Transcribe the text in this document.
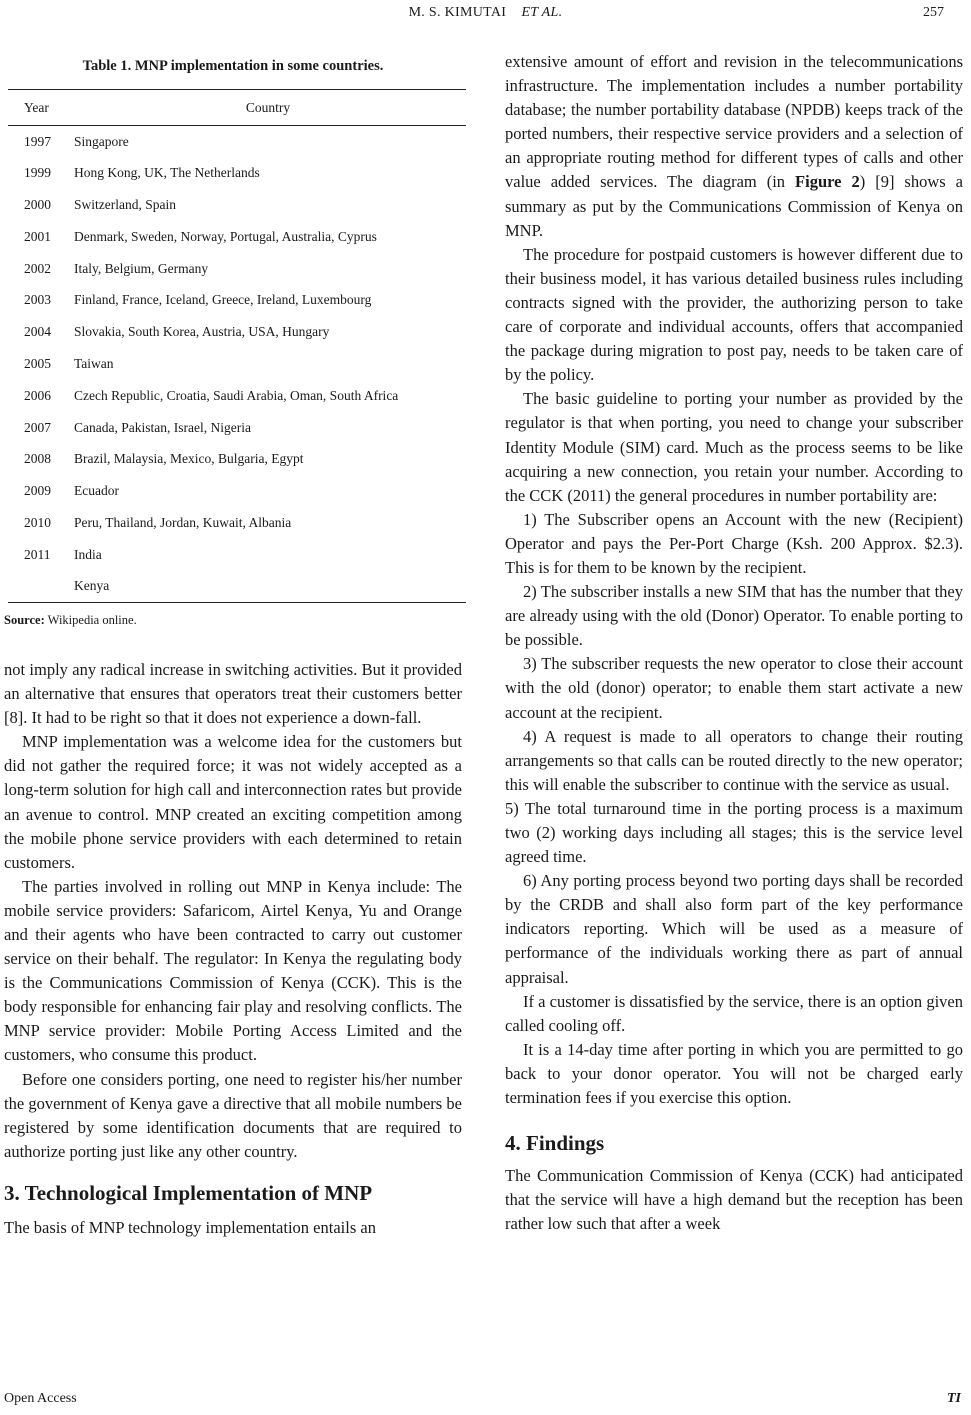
M. S. KIMUTAI ET AL.	257
Table 1. MNP implementation in some countries.
Year	Country
1997	Singapore
1999	Hong Kong, UK, The Netherlands
2000	Switzerland, Spain
2001	Denmark, Sweden, Norway, Portugal, Australia, Cyprus
2002	Italy, Belgium, Germany
2003	Finland, France, Iceland, Greece, Ireland, Luxembourg
2004	Slovakia, South Korea, Austria, USA, Hungary
2005	Taiwan
2006	Czech Republic, Croatia, Saudi Arabia, Oman, South Africa
2007	Canada, Pakistan, Israel, Nigeria
2008	Brazil, Malaysia, Mexico, Bulgaria, Egypt
2009	Ecuador
2010	Peru, Thailand, Jordan, Kuwait, Albania
2011	India
	Kenya
Source: Wikipedia online.

not imply any radical increase in switching activities. But it provided an alternative that ensures that operators treat their customers better [8]. It had to be right so that it does not experience a down-fall.

MNP implementation was a welcome idea for the customers but did not gather the required force; it was not widely accepted as a long-term solution for high call and interconnection rates but provide an avenue to control. MNP created an exciting competition among the mobile phone service providers with each determined to retain customers.

The parties involved in rolling out MNP in Kenya include: The mobile service providers: Safaricom, Airtel Kenya, Yu and Orange and their agents who have been contracted to carry out customer service on their behalf. The regulator: In Kenya the regulating body is the Communications Commission of Kenya (CCK). This is the body responsible for enhancing fair play and resolving conflicts. The MNP service provider: Mobile Porting Access Limited and the customers, who consume this product.

Before one considers porting, one need to register his/her number the government of Kenya gave a directive that all mobile numbers be registered by some identification documents that are required to authorize porting just like any other country.

3. Technological Implementation of MNP

The basis of MNP technology implementation entails an

extensive amount of effort and revision in the telecommunications infrastructure. The implementation includes a number portability database; the number portability database (NPDB) keeps track of the ported numbers, their respective service providers and a selection of an appropriate routing method for different types of calls and other value added services. The diagram (in Figure 2) [9] shows a summary as put by the Communications Commission of Kenya on MNP.

The procedure for postpaid customers is however different due to their business model, it has various detailed business rules including contracts signed with the provider, the authorizing person to take care of corporate and individual accounts, offers that accompanied the package during migration to post pay, needs to be taken care of by the policy.

The basic guideline to porting your number as provided by the regulator is that when porting, you need to change your subscriber Identity Module (SIM) card. Much as the process seems to be like acquiring a new connection, you retain your number. According to the CCK (2011) the general procedures in number portability are:

1) The Subscriber opens an Account with the new (Recipient) Operator and pays the Per-Port Charge (Ksh. 200 Approx. $2.3). This is for them to be known by the recipient.

2) The subscriber installs a new SIM that has the number that they are already using with the old (Donor) Operator. To enable porting to be possible.

3) The subscriber requests the new operator to close their account with the old (donor) operator; to enable them start activate a new account at the recipient.

4) A request is made to all operators to change their routing arrangements so that calls can be routed directly to the new operator; this will enable the subscriber to continue with the service as usual.

5) The total turnaround time in the porting process is a maximum two (2) working days including all stages; this is the service level agreed time.

6) Any porting process beyond two porting days shall be recorded by the CRDB and shall also form part of the key performance indicators reporting. Which will be used as a measure of performance of the individuals working there as part of annual appraisal.

If a customer is dissatisfied by the service, there is an option given called cooling off.

It is a 14-day time after porting in which you are permitted to go back to your donor operator. You will not be charged early termination fees if you exercise this option.

4. Findings

The Communication Commission of Kenya (CCK) had anticipated that the service will have a high demand but the reception has been rather low such that after a week

Open Access	TI
